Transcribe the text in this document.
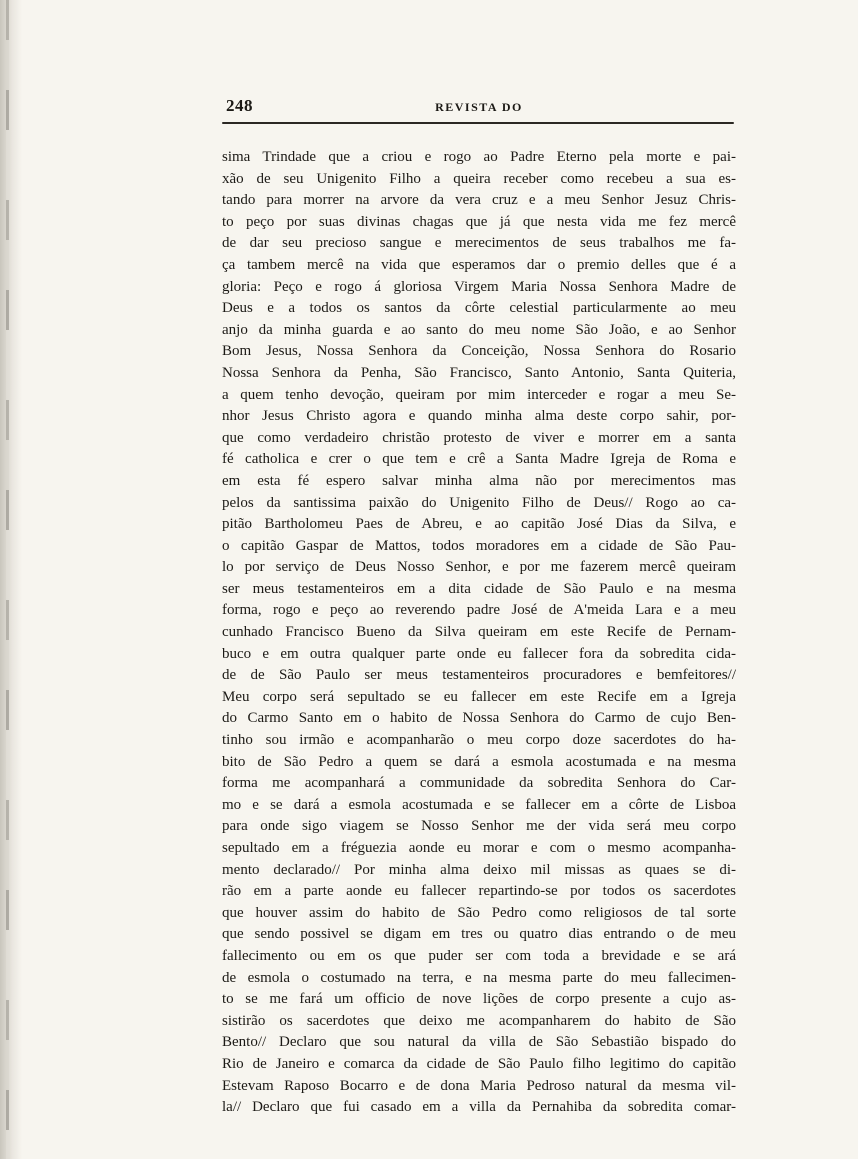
248	REVISTA DO
sima Trindade que a criou e rogo ao Padre Eterno pela morte e pai-
xão de seu Unigenito Filho a queira receber como recebeu a sua es-
tando para morrer na arvore da vera cruz e a meu Senhor Jesuz Chris-
to peço por suas divinas chagas que já que nesta vida me fez mercê
de dar seu precioso sangue e merecimentos de seus trabalhos me fa-
ça tambem mercê na vida que esperamos dar o premio delles que é a
gloria: Peço e rogo á gloriosa Virgem Maria Nossa Senhora Madre de
Deus e a todos os santos da côrte celestial particularmente ao meu
anjo da minha guarda e ao santo do meu nome São João, e ao Senhor
Bom Jesus, Nossa Senhora da Conceição, Nossa Senhora do Rosario
Nossa Senhora da Penha, São Francisco, Santo Antonio, Santa Quiteria,
a quem tenho devoção, queiram por mim interceder e rogar a meu Se-
nhor Jesus Christo agora e quando minha alma deste corpo sahir, por-
que como verdadeiro christão protesto de viver e morrer em a santa
fé catholica e crer o que tem e crê a Santa Madre Igreja de Roma e
em esta fé espero salvar minha alma não por merecimentos mas
pelos da santissima paixão do Unigenito Filho de Deus// Rogo ao ca-
pitão Bartholomeu Paes de Abreu, e ao capitão José Dias da Silva, e
o capitão Gaspar de Mattos, todos moradores em a cidade de São Pau-
lo por serviço de Deus Nosso Senhor, e por me fazerem mercê queiram
ser meus testamenteiros em a dita cidade de São Paulo e na mesma
forma, rogo e peço ao reverendo padre José de A'meida Lara e a meu
cunhado Francisco Bueno da Silva queiram em este Recife de Pernam-
buco e em outra qualquer parte onde eu fallecer fora da sobredita cida-
de de São Paulo ser meus testamenteiros procuradores e bemfeitores//
Meu corpo será sepultado se eu fallecer em este Recife em a Igreja
do Carmo Santo em o habito de Nossa Senhora do Carmo de cujo Ben-
tinho sou irmão e acompanharão o meu corpo doze sacerdotes do ha-
bito de São Pedro a quem se dará a esmola acostumada e na mesma
forma me acompanhará a communidade da sobredita Senhora do Car-
mo e se dará a esmola acostumada e se fallecer em a côrte de Lisboa
para onde sigo viagem se Nosso Senhor me der vida será meu corpo
sepultado em a fréguezia aonde eu morar e com o mesmo acompanha-
mento declarado// Por minha alma deixo mil missas as quaes se di-
rão em a parte aonde eu fallecer repartindo-se por todos os sacerdotes
que houver assim do habito de São Pedro como religiosos de tal sorte
que sendo possivel se digam em tres ou quatro dias entrando o de meu
fallecimento ou em os que puder ser com toda a brevidade e se ará
de esmola o costumado na terra, e na mesma parte do meu fallecimen-
to se me fará um officio de nove lições de corpo presente a cujo as-
sistirão os sacerdotes que deixo me acompanharem do habito de São
Bento// Declaro que sou natural da villa de São Sebastião bispado do
Rio de Janeiro e comarca da cidade de São Paulo filho legitimo do capitão
Estevam Raposo Bocarro e de dona Maria Pedroso natural da mesma vil-
la// Declaro que fui casado em a villa da Pernahiba da sobredita comar-
